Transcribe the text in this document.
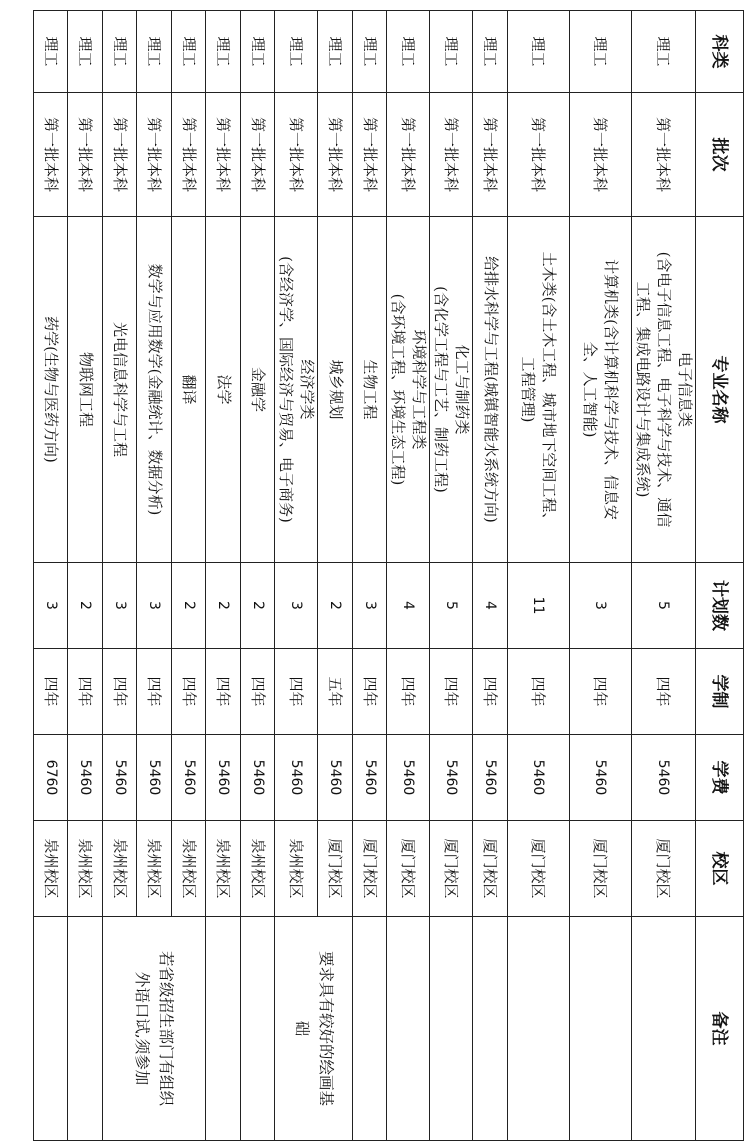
科类	批次	专业名称	计划数	学制	学费	校区	备注
理工	第一批本科	电子信息类
(含电子信息工程、电子科学与技术、通信
工程、集成电路设计与集成系统)	5	四年	5460	厦门校区	
理工	第一批本科	计算机类(含计算机科学与技术、信息安
全、人工智能)	3	四年	5460	厦门校区	
理工	第一批本科	土木类(含土木工程、城市地下空间工程、
工程管理)	11	四年	5460	厦门校区	
理工	第一批本科	给排水科学与工程(城镇智能水系统方向)	4	四年	5460	厦门校区	
理工	第一批本科	化工与制药类
(含化学工程与工艺、制药工程)	5	四年	5460	厦门校区	
理工	第一批本科	环境科学与工程类
(含环境工程、环境生态工程)	4	四年	5460	厦门校区	
理工	第一批本科	生物工程	3	四年	5460	厦门校区	
理工	第一批本科	城乡规划	2	五年	5460	厦门校区	要求具有较好的绘画基
础
理工	第一批本科	经济学类
(含经济学、国际经济与贸易、电子商务)	3	四年	5460	泉州校区	
理工	第一批本科	金融学	2	四年	5460	泉州校区	
理工	第一批本科	法学	2	四年	5460	泉州校区	
理工	第一批本科	翻译	2	四年	5460	泉州校区	若省级招生部门有组织
外语口试,须参加
理工	第一批本科	数学与应用数学(金融统计、数据分析)	3	四年	5460	泉州校区	
理工	第一批本科	光电信息科学与工程	3	四年	5460	泉州校区	
理工	第一批本科	物联网工程	2	四年	5460	泉州校区	
理工	第一批本科	药学(生物与医药方向)	3	四年	6760	泉州校区	
